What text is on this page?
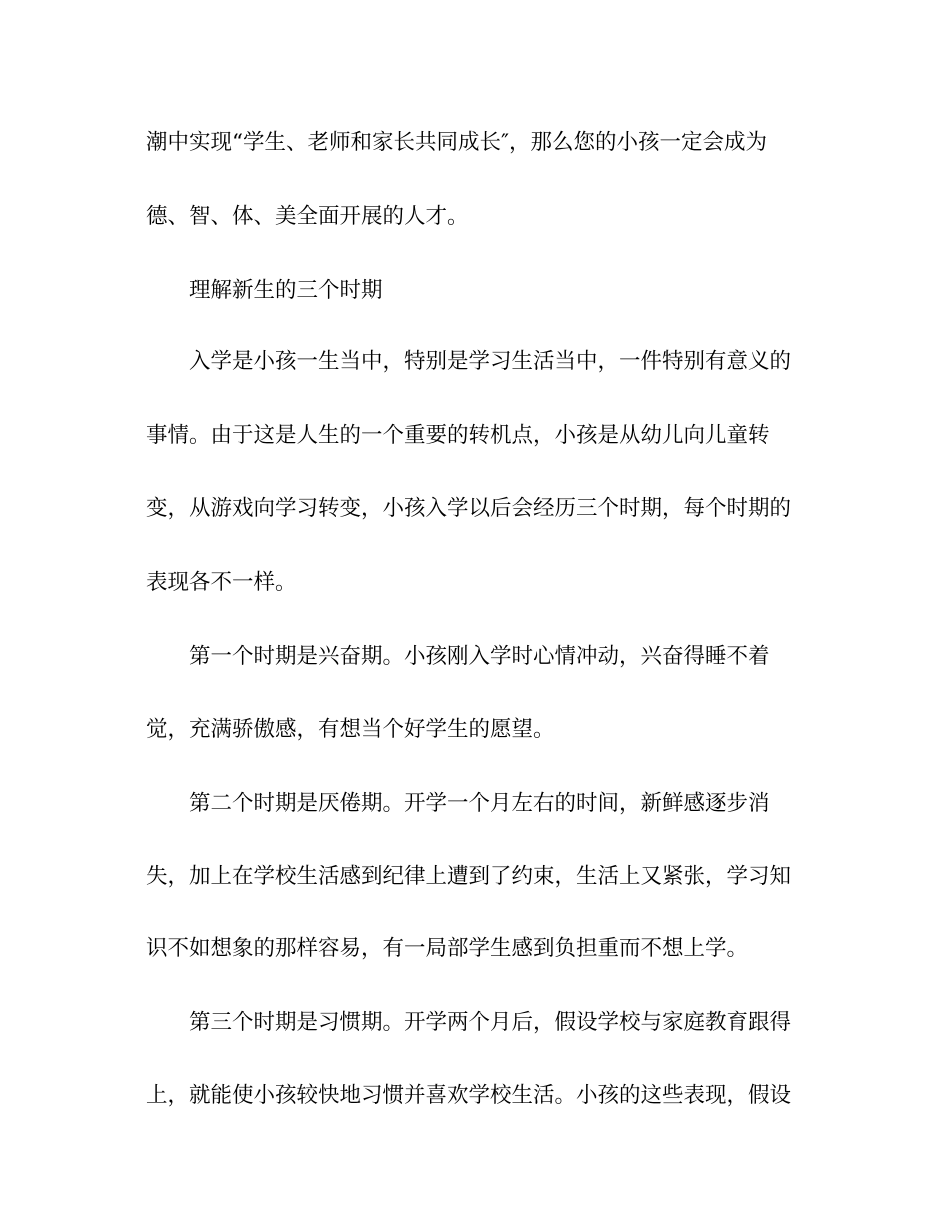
潮中实现“学生、老师和家长共同成长″，那么您的小孩一定会成为
德、智、体、美全面开展的人才。
理解新生的三个时期
入学是小孩一生当中，特别是学习生活当中，一件特别有意义的
事情。由于这是人生的一个重要的转机点，小孩是从幼儿向儿童转
变，从游戏向学习转变，小孩入学以后会经历三个时期，每个时期的
表现各不一样。
第一个时期是兴奋期。小孩刚入学时心情冲动，兴奋得睡不着
觉，充满骄傲感，有想当个好学生的愿望。
第二个时期是厌倦期。开学一个月左右的时间，新鲜感逐步消
失，加上在学校生活感到纪律上遭到了约束，生活上又紧张，学习知
识不如想象的那样容易，有一局部学生感到负担重而不想上学。
第三个时期是习惯期。开学两个月后，假设学校与家庭教育跟得
上，就能使小孩较快地习惯并喜欢学校生活。小孩的这些表现，假设
